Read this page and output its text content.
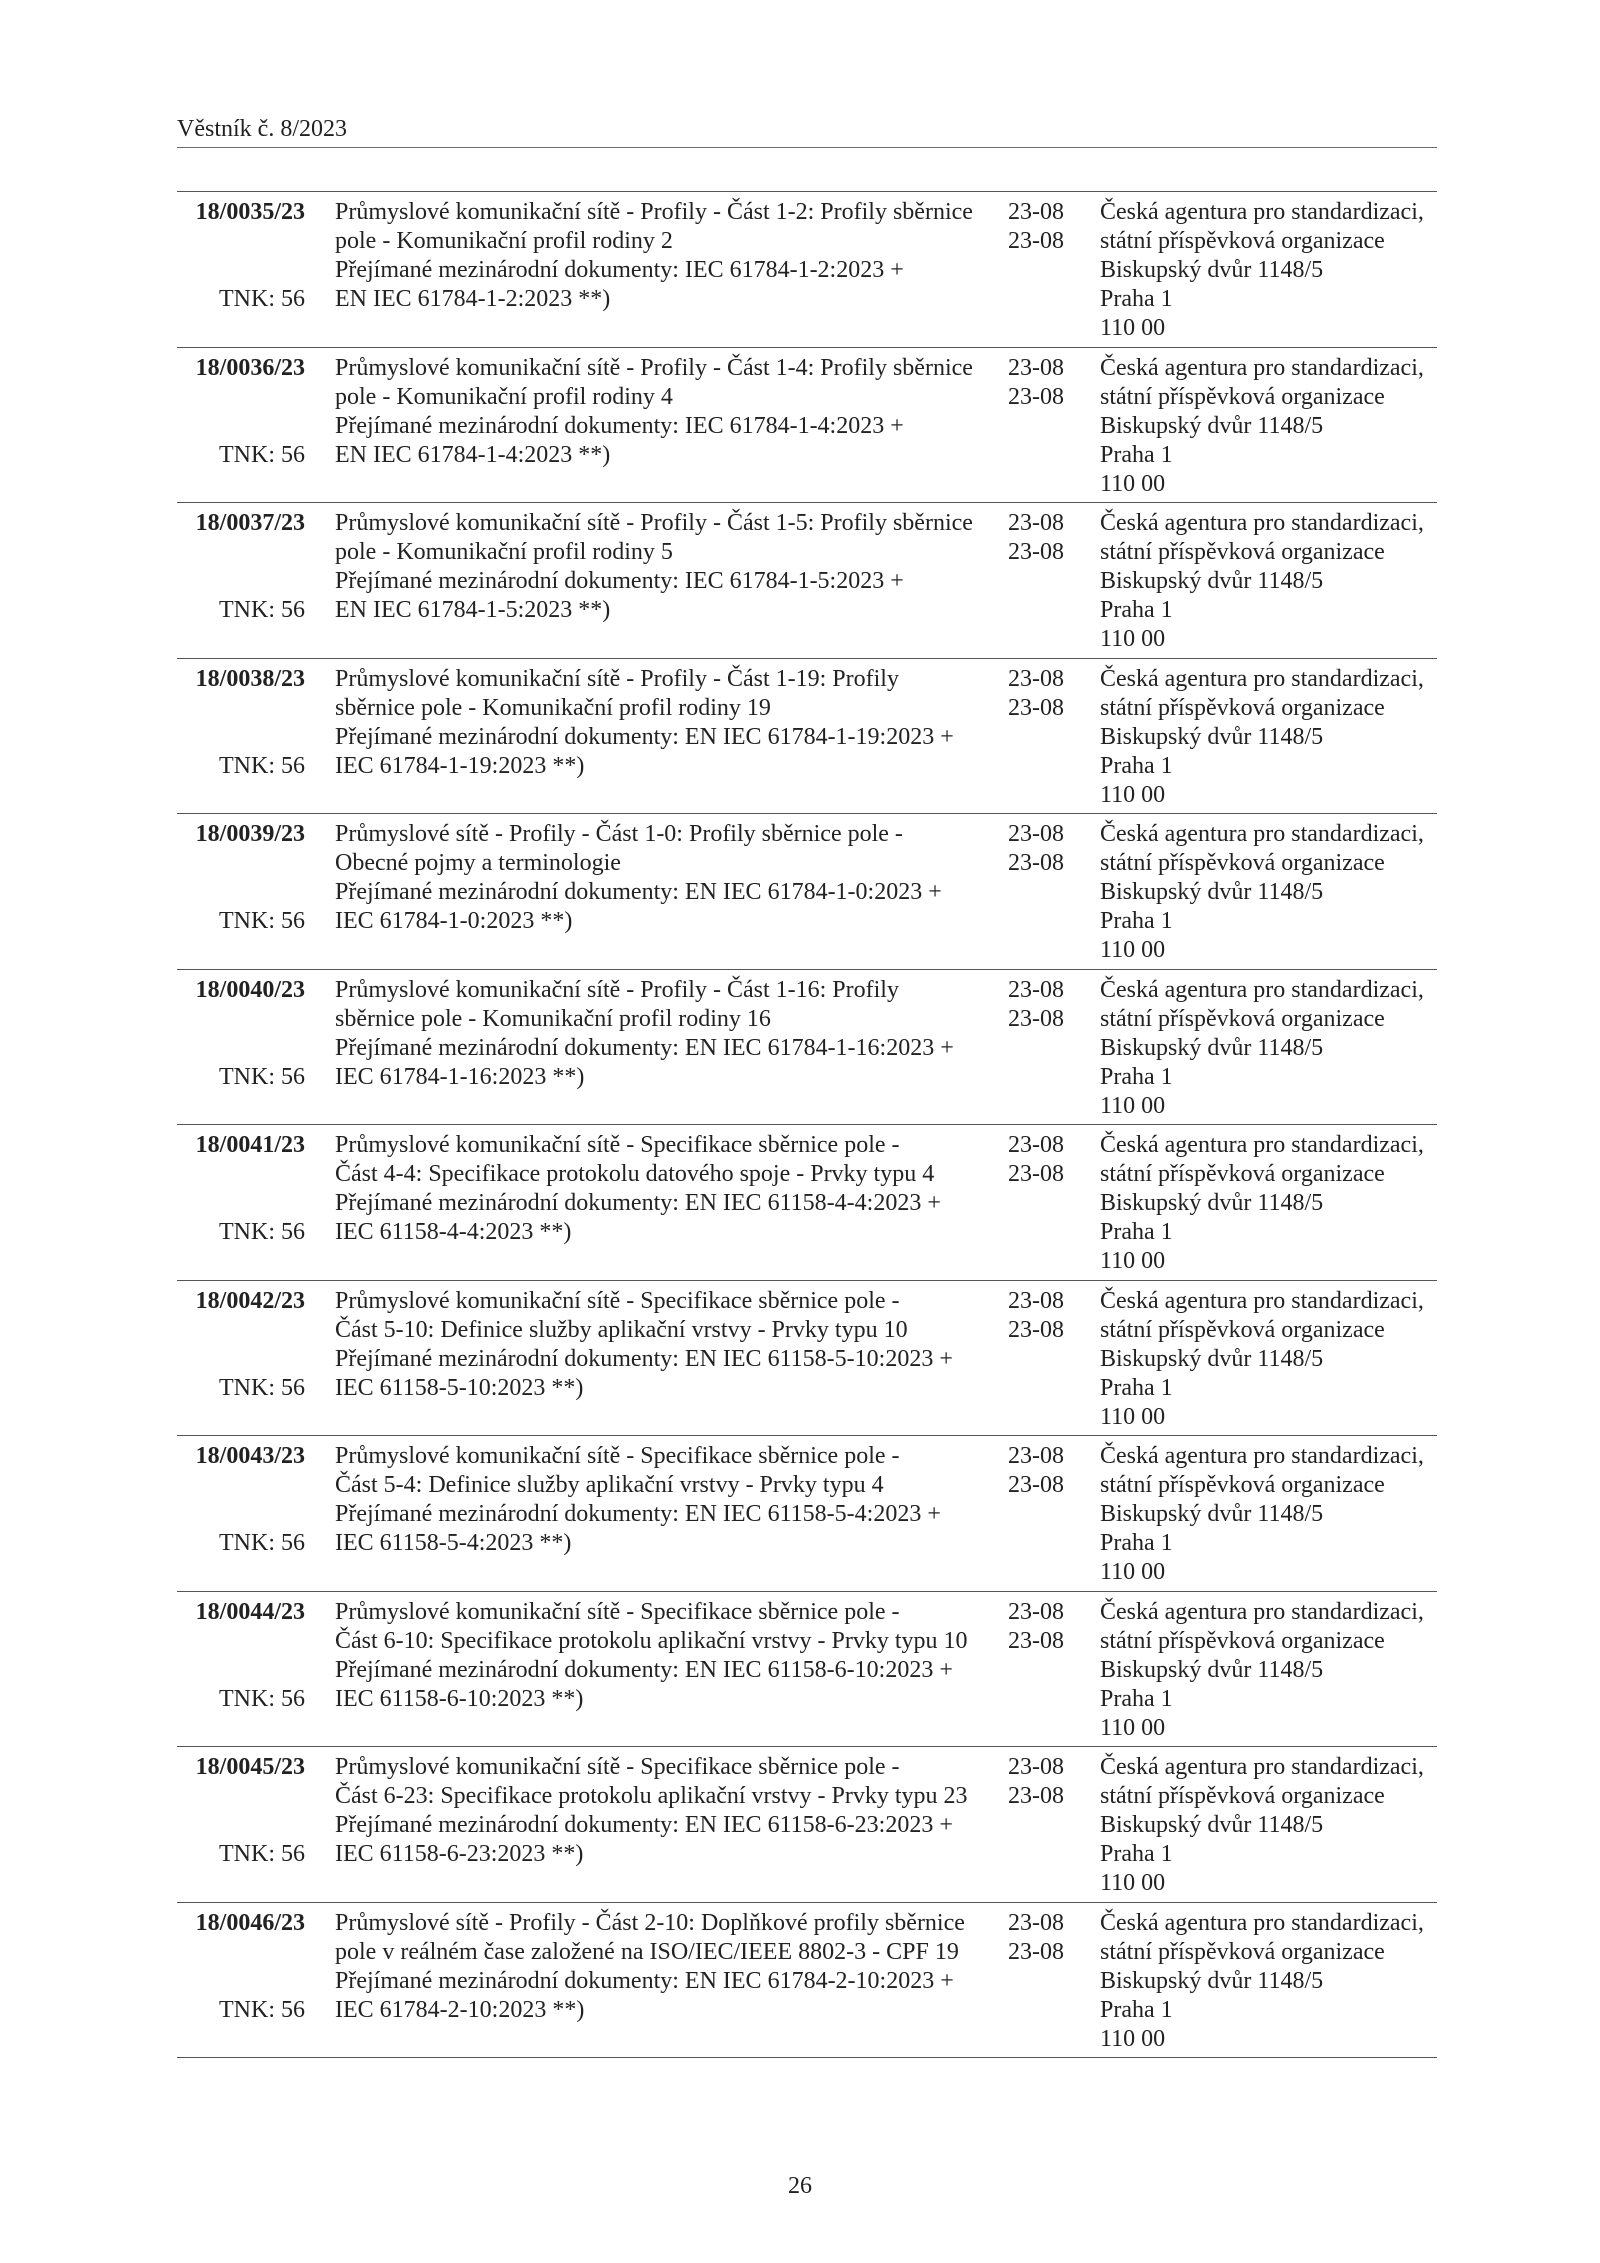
Věstník č. 8/2023
18/0035/23
TNK: 56
Průmyslové komunikační sítě - Profily - Část 1-2: Profily sběrnice
pole - Komunikační profil rodiny 2
Přejímané mezinárodní dokumenty: IEC 61784-1-2:2023 +
EN IEC 61784-1-2:2023 **)
23-08
23-08
Česká agentura pro standardizaci,
státní příspěvková organizace
Biskupský dvůr 1148/5
Praha 1
110 00
18/0036/23
TNK: 56
Průmyslové komunikační sítě - Profily - Část 1-4: Profily sběrnice
pole - Komunikační profil rodiny 4
Přejímané mezinárodní dokumenty: IEC 61784-1-4:2023 +
EN IEC 61784-1-4:2023 **)
23-08
23-08
Česká agentura pro standardizaci,
státní příspěvková organizace
Biskupský dvůr 1148/5
Praha 1
110 00
18/0037/23
TNK: 56
Průmyslové komunikační sítě - Profily - Část 1-5: Profily sběrnice
pole - Komunikační profil rodiny 5
Přejímané mezinárodní dokumenty: IEC 61784-1-5:2023 +
EN IEC 61784-1-5:2023 **)
23-08
23-08
Česká agentura pro standardizaci,
státní příspěvková organizace
Biskupský dvůr 1148/5
Praha 1
110 00
18/0038/23
TNK: 56
Průmyslové komunikační sítě - Profily - Část 1-19: Profily
sběrnice pole - Komunikační profil rodiny 19
Přejímané mezinárodní dokumenty: EN IEC 61784-1-19:2023 +
IEC 61784-1-19:2023 **)
23-08
23-08
Česká agentura pro standardizaci,
státní příspěvková organizace
Biskupský dvůr 1148/5
Praha 1
110 00
18/0039/23
TNK: 56
Průmyslové sítě - Profily - Část 1-0: Profily sběrnice pole -
Obecné pojmy a terminologie
Přejímané mezinárodní dokumenty: EN IEC 61784-1-0:2023 +
IEC 61784-1-0:2023 **)
23-08
23-08
Česká agentura pro standardizaci,
státní příspěvková organizace
Biskupský dvůr 1148/5
Praha 1
110 00
18/0040/23
TNK: 56
Průmyslové komunikační sítě - Profily - Část 1-16: Profily
sběrnice pole - Komunikační profil rodiny 16
Přejímané mezinárodní dokumenty: EN IEC 61784-1-16:2023 +
IEC 61784-1-16:2023 **)
23-08
23-08
Česká agentura pro standardizaci,
státní příspěvková organizace
Biskupský dvůr 1148/5
Praha 1
110 00
18/0041/23
TNK: 56
Průmyslové komunikační sítě - Specifikace sběrnice pole -
Část 4-4: Specifikace protokolu datového spoje - Prvky typu 4
Přejímané mezinárodní dokumenty: EN IEC 61158-4-4:2023 +
IEC 61158-4-4:2023 **)
23-08
23-08
Česká agentura pro standardizaci,
státní příspěvková organizace
Biskupský dvůr 1148/5
Praha 1
110 00
18/0042/23
TNK: 56
Průmyslové komunikační sítě - Specifikace sběrnice pole -
Část 5-10: Definice služby aplikační vrstvy - Prvky typu 10
Přejímané mezinárodní dokumenty: EN IEC 61158-5-10:2023 +
IEC 61158-5-10:2023 **)
23-08
23-08
Česká agentura pro standardizaci,
státní příspěvková organizace
Biskupský dvůr 1148/5
Praha 1
110 00
18/0043/23
TNK: 56
Průmyslové komunikační sítě - Specifikace sběrnice pole -
Část 5-4: Definice služby aplikační vrstvy - Prvky typu 4
Přejímané mezinárodní dokumenty: EN IEC 61158-5-4:2023 +
IEC 61158-5-4:2023 **)
23-08
23-08
Česká agentura pro standardizaci,
státní příspěvková organizace
Biskupský dvůr 1148/5
Praha 1
110 00
18/0044/23
TNK: 56
Průmyslové komunikační sítě - Specifikace sběrnice pole -
Část 6-10: Specifikace protokolu aplikační vrstvy - Prvky typu 10
Přejímané mezinárodní dokumenty: EN IEC 61158-6-10:2023 +
IEC 61158-6-10:2023 **)
23-08
23-08
Česká agentura pro standardizaci,
státní příspěvková organizace
Biskupský dvůr 1148/5
Praha 1
110 00
18/0045/23
TNK: 56
Průmyslové komunikační sítě - Specifikace sběrnice pole -
Část 6-23: Specifikace protokolu aplikační vrstvy - Prvky typu 23
Přejímané mezinárodní dokumenty: EN IEC 61158-6-23:2023 +
IEC 61158-6-23:2023 **)
23-08
23-08
Česká agentura pro standardizaci,
státní příspěvková organizace
Biskupský dvůr 1148/5
Praha 1
110 00
18/0046/23
TNK: 56
Průmyslové sítě - Profily - Část 2-10: Doplňkové profily sběrnice
pole v reálném čase založené na ISO/IEC/IEEE 8802-3 - CPF 19
Přejímané mezinárodní dokumenty: EN IEC 61784-2-10:2023 +
IEC 61784-2-10:2023 **)
23-08
23-08
Česká agentura pro standardizaci,
státní příspěvková organizace
Biskupský dvůr 1148/5
Praha 1
110 00
26
